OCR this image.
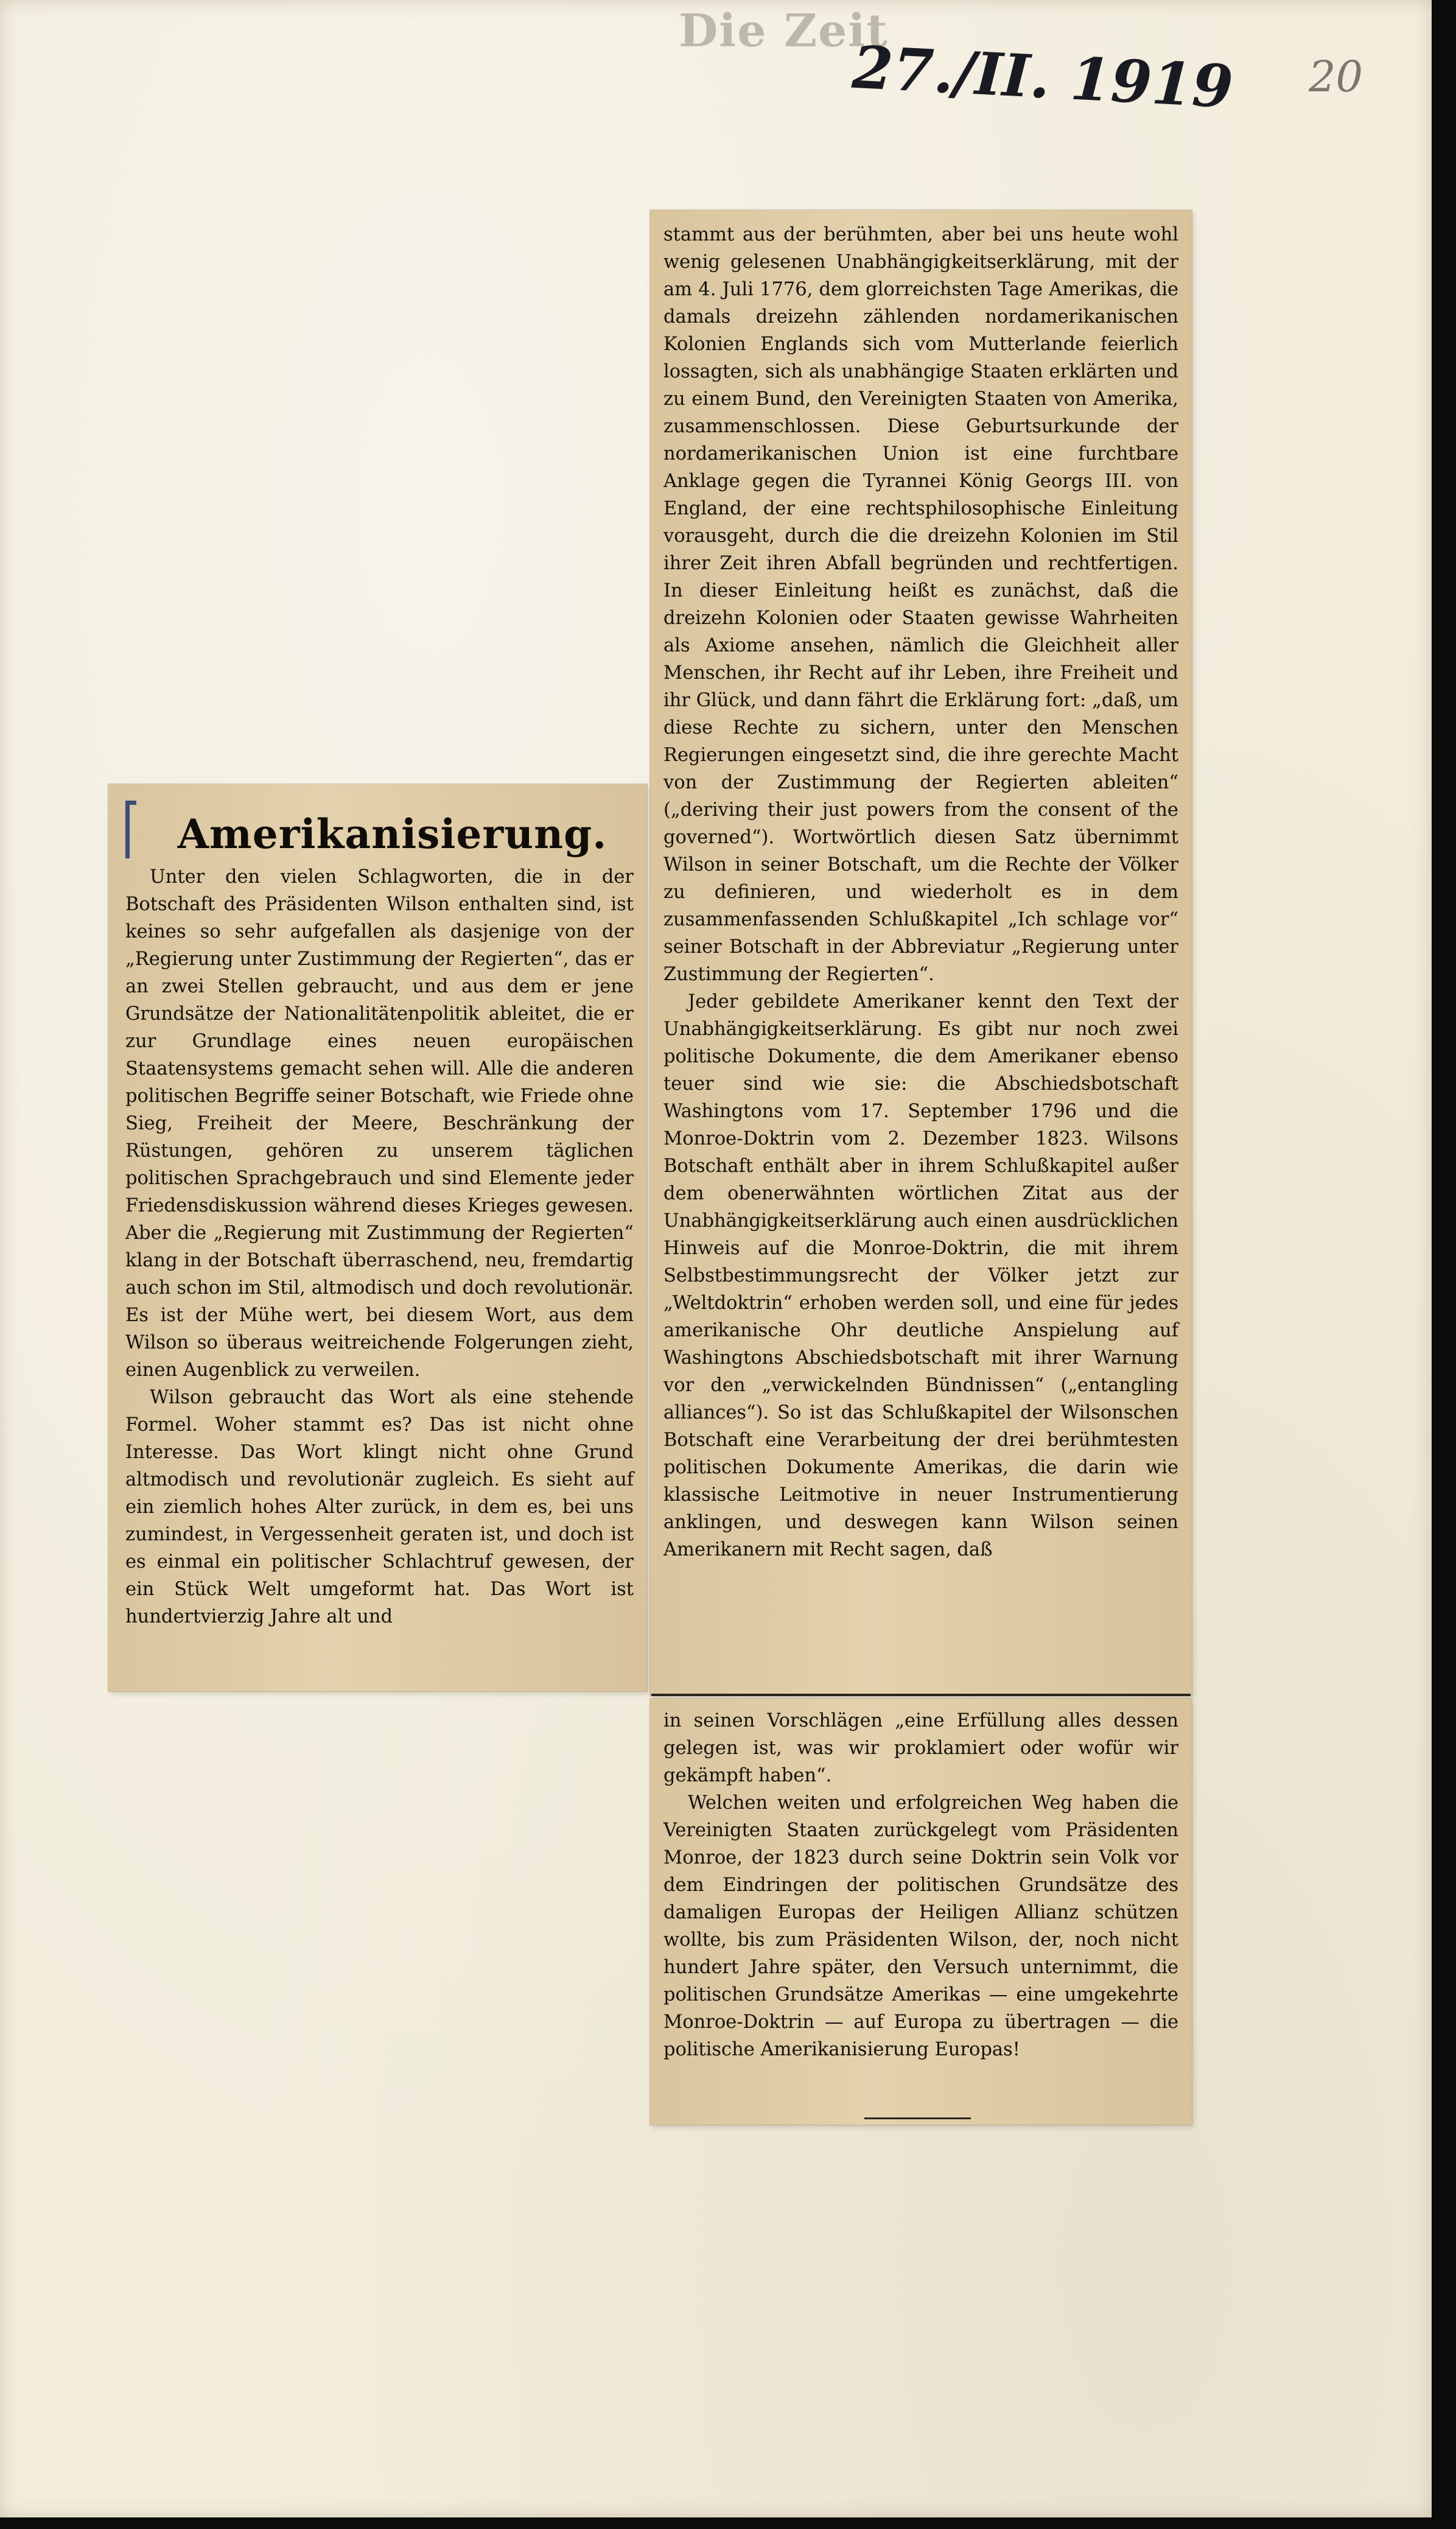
Die Zeit
27./II. 1919 20
Amerikanisierung.

Unter den vielen Schlagworten, die in der Botschaft des Präsidenten Wilson enthalten sind, ist keines so sehr aufgefallen als dasjenige von der „Regierung unter Zustimmung der Regierten“, das er an zwei Stellen gebraucht, und aus dem er jene Grundsätze der Nationalitätenpolitik ableitet, die er zur Grundlage eines neuen europäischen Staatensystems gemacht sehen will. Alle die anderen politischen Begriffe seiner Botschaft, wie Friede ohne Sieg, Freiheit der Meere, Beschränkung der Rüstungen, gehören zu unserem täglichen politischen Sprachgebrauch und sind Elemente jeder Friedensdiskussion während dieses Krieges gewesen. Aber die „Regierung mit Zustimmung der Regierten“ klang in der Botschaft überraschend, neu, fremdartig auch schon im Stil, altmodisch und doch revolutionär. Es ist der Mühe wert, bei diesem Wort, aus dem Wilson so überaus weitreichende Folgerungen zieht, einen Augenblick zu verweilen.

Wilson gebraucht das Wort als eine stehende Formel. Woher stammt es? Das ist nicht ohne Interesse. Das Wort klingt nicht ohne Grund altmodisch und revolutionär zugleich. Es sieht auf ein ziemlich hohes Alter zurück, in dem es, bei uns zumindest, in Vergessenheit geraten ist, und doch ist es einmal ein politischer Schlachtruf gewesen, der ein Stück Welt umgeformt hat. Das Wort ist hundertvierzig Jahre alt und

stammt aus der berühmten, aber bei uns heute wohl wenig gelesenen Unabhängigkeitserklärung, mit der am 4. Juli 1776, dem glorreichsten Tage Amerikas, die damals dreizehn zählenden nordamerikanischen Kolonien Englands sich vom Mutterlande feierlich lossagten, sich als unabhängige Staaten erklärten und zu einem Bund, den Vereinigten Staaten von Amerika, zusammenschlossen. Diese Geburtsurkunde der nordamerikanischen Union ist eine furchtbare Anklage gegen die Tyrannei König Georgs III. von England, der eine rechtsphilosophische Einleitung vorausgeht, durch die die dreizehn Kolonien im Stil ihrer Zeit ihren Abfall begründen und rechtfertigen. In dieser Einleitung heißt es zunächst, daß die dreizehn Kolonien oder Staaten gewisse Wahrheiten als Axiome ansehen, nämlich die Gleichheit aller Menschen, ihr Recht auf ihr Leben, ihre Freiheit und ihr Glück, und dann fährt die Erklärung fort: „daß, um diese Rechte zu sichern, unter den Menschen Regierungen eingesetzt sind, die ihre gerechte Macht von der Zustimmung der Regierten ableiten“ („deriving their just powers from the consent of the governed“). Wortwörtlich diesen Satz übernimmt Wilson in seiner Botschaft, um die Rechte der Völker zu definieren, und wiederholt es in dem zusammenfassenden Schlußkapitel „Ich schlage vor“ seiner Botschaft in der Abbreviatur „Regierung unter Zustimmung der Regierten“.

Jeder gebildete Amerikaner kennt den Text der Unabhängigkeitserklärung. Es gibt nur noch zwei politische Dokumente, die dem Amerikaner ebenso teuer sind wie sie: die Abschiedsbotschaft Washingtons vom 17. September 1796 und die Monroe-Doktrin vom 2. Dezember 1823. Wilsons Botschaft enthält aber in ihrem Schlußkapitel außer dem obenerwähnten wörtlichen Zitat aus der Unabhängigkeitserklärung auch einen ausdrücklichen Hinweis auf die Monroe-Doktrin, die mit ihrem Selbstbestimmungsrecht der Völker jetzt zur „Weltdoktrin“ erhoben werden soll, und eine für jedes amerikanische Ohr deutliche Anspielung auf Washingtons Abschiedsbotschaft mit ihrer Warnung vor den „verwickelnden Bündnissen“ („entangling alliances“). So ist das Schlußkapitel der Wilsonschen Botschaft eine Verarbeitung der drei berühmtesten politischen Dokumente Amerikas, die darin wie klassische Leitmotive in neuer Instrumentierung anklingen, und deswegen kann Wilson seinen Amerikanern mit Recht sagen, daß

in seinen Vorschlägen „eine Erfüllung alles dessen gelegen ist, was wir proklamiert oder wofür wir gekämpft haben“.

Welchen weiten und erfolgreichen Weg haben die Vereinigten Staaten zurückgelegt vom Präsidenten Monroe, der 1823 durch seine Doktrin sein Volk vor dem Eindringen der politischen Grundsätze des damaligen Europas der Heiligen Allianz schützen wollte, bis zum Präsidenten Wilson, der, noch nicht hundert Jahre später, den Versuch unternimmt, die politischen Grundsätze Amerikas — eine umgekehrte Monroe-Doktrin — auf Europa zu übertragen — die politische Amerikanisierung Europas!
